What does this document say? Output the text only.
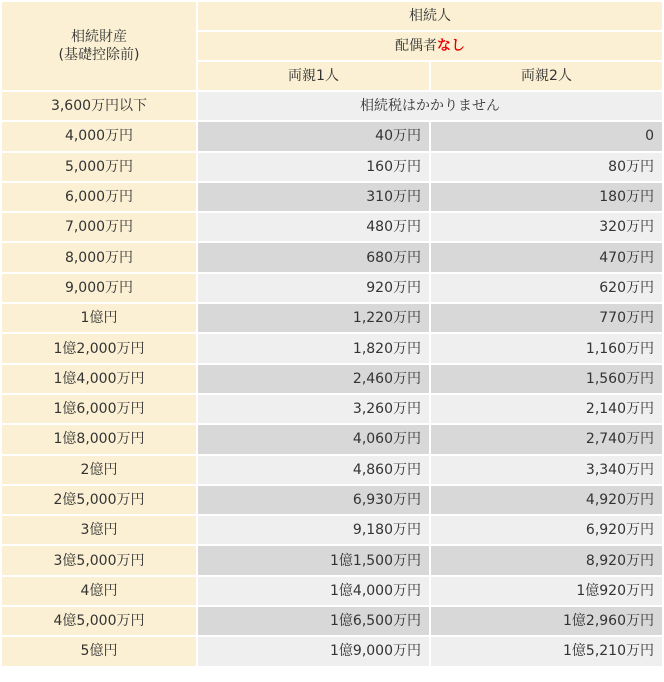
相続財産
(基礎控除前)	相続人	
	配偶者なし	
	両親1人	両親2人
3,600万円以下	相続税はかかりません	
4,000万円	40万円	0
5,000万円	160万円	80万円
6,000万円	310万円	180万円
7,000万円	480万円	320万円
8,000万円	680万円	470万円
9,000万円	920万円	620万円
1億円	1,220万円	770万円
1億2,000万円	1,820万円	1,160万円
1億4,000万円	2,460万円	1,560万円
1億6,000万円	3,260万円	2,140万円
1億8,000万円	4,060万円	2,740万円
2億円	4,860万円	3,340万円
2億5,000万円	6,930万円	4,920万円
3億円	9,180万円	6,920万円
3億5,000万円	1億1,500万円	8,920万円
4億円	1億4,000万円	1億920万円
4億5,000万円	1億6,500万円	1億2,960万円
5億円	1億9,000万円	1億5,210万円
